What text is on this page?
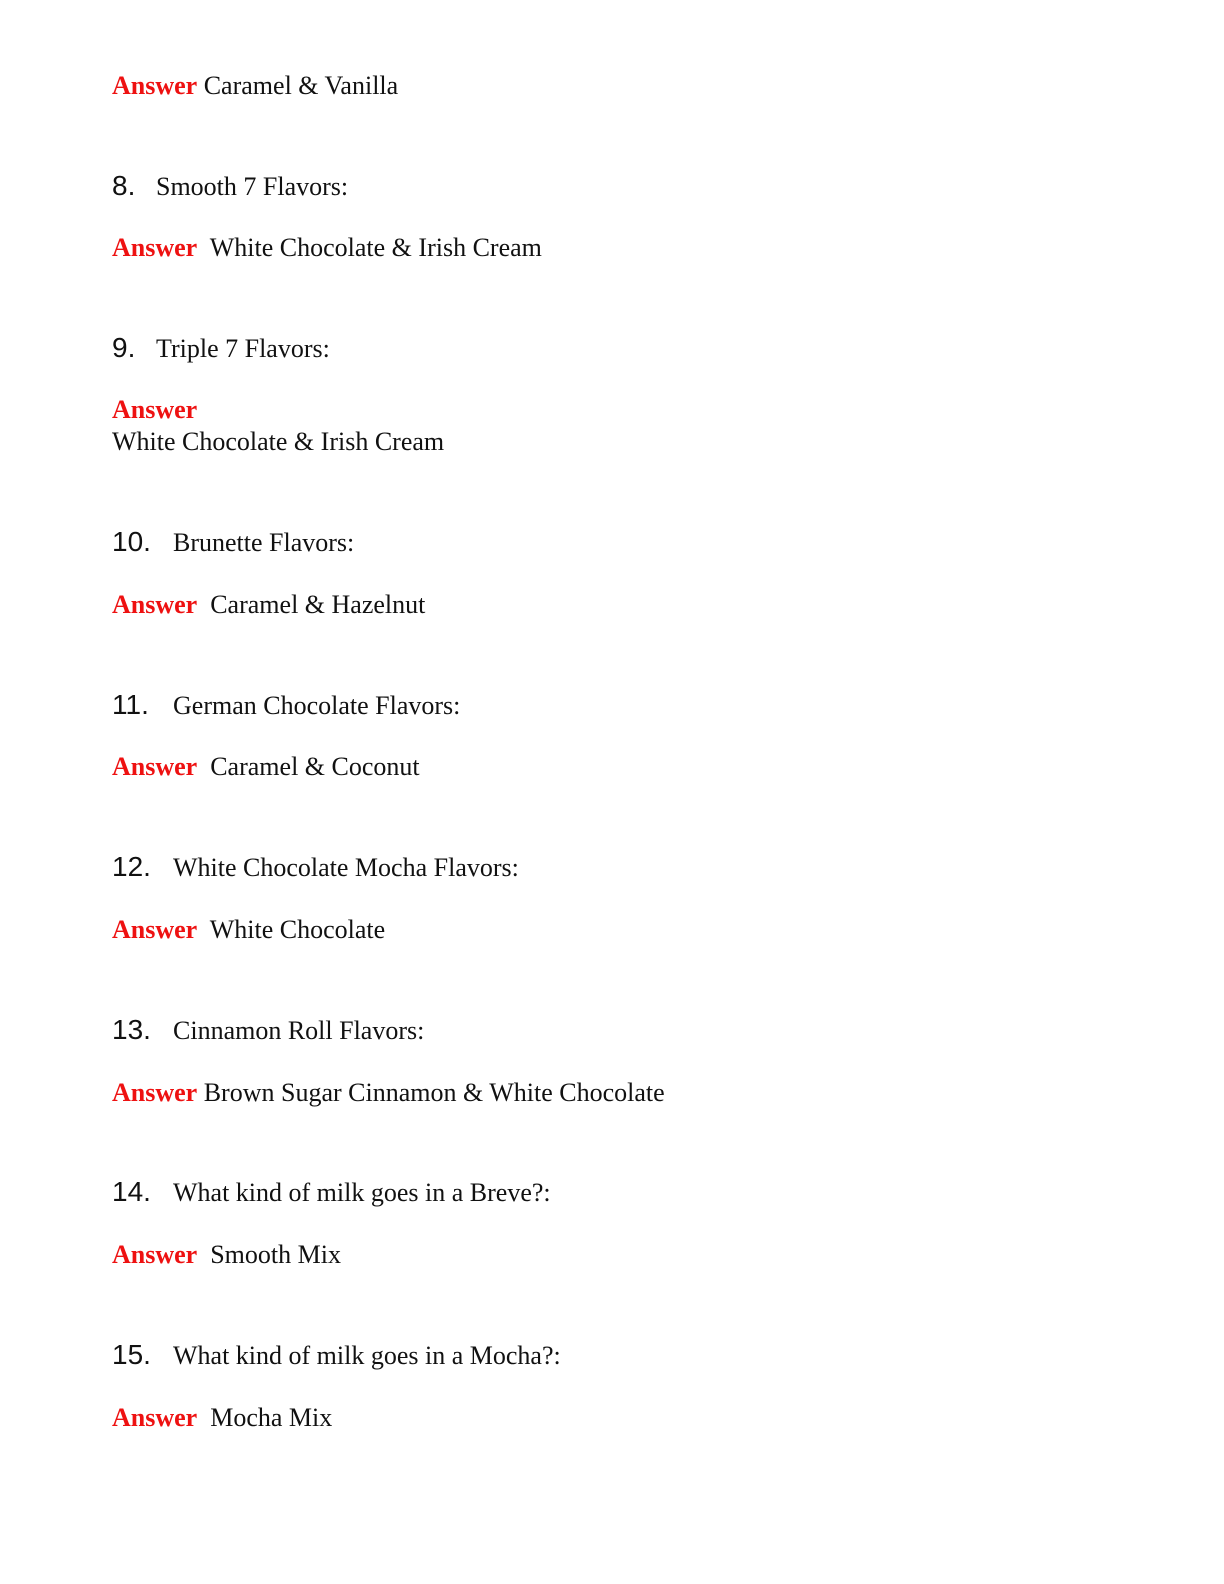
Answer Caramel & Vanilla
8. Smooth 7 Flavors:
Answer White Chocolate & Irish Cream
9. Triple 7 Flavors:
Answer
White Chocolate & Irish Cream
10. Brunette Flavors:
Answer Caramel & Hazelnut
11. German Chocolate Flavors:
Answer Caramel & Coconut
12. White Chocolate Mocha Flavors:
Answer White Chocolate
13. Cinnamon Roll Flavors:
Answer Brown Sugar Cinnamon & White Chocolate
14. What kind of milk goes in a Breve?:
Answer Smooth Mix
15. What kind of milk goes in a Mocha?:
Answer Mocha Mix
